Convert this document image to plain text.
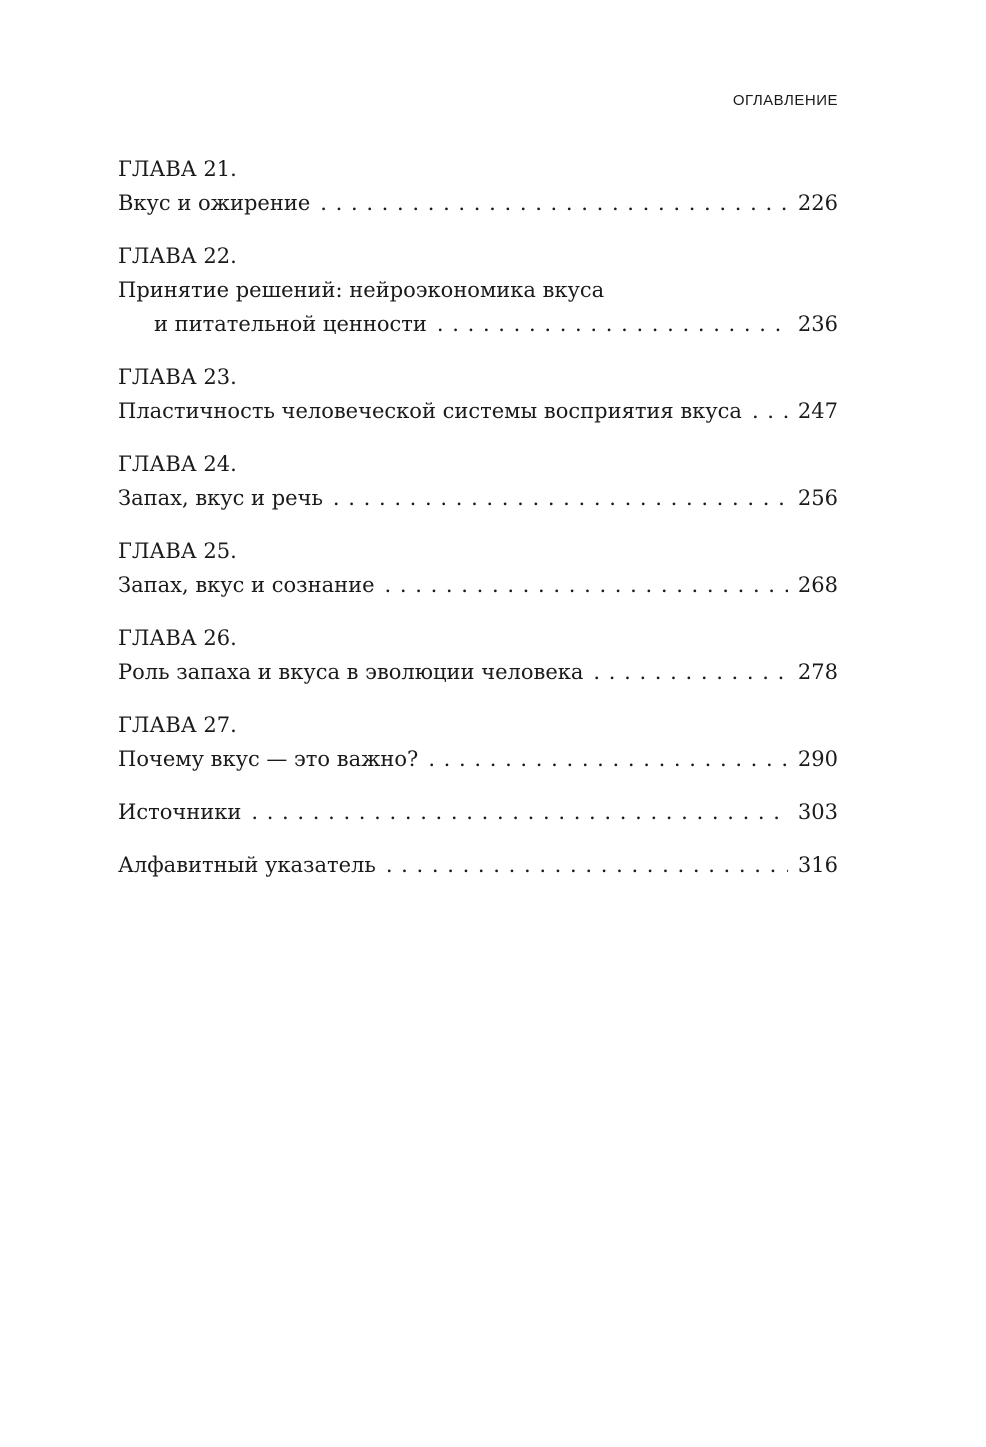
ОГЛАВЛЕНИЕ
ГЛАВА 21.
Вкус и ожирение . . .	226
ГЛАВА 22.
Принятие решений: нейроэкономика вкуса
и питательной ценности . . .	236
ГЛАВА 23.
Пластичность человеческой системы восприятия вкуса . . .	247
ГЛАВА 24.
Запах, вкус и речь . . .	256
ГЛАВА 25.
Запах, вкус и сознание . . .	268
ГЛАВА 26.
Роль запаха и вкуса в эволюции человека . . .	278
ГЛАВА 27.
Почему вкус — это важно? . . .	290
Источники . . .	303
Алфавитный указатель . . .	316
